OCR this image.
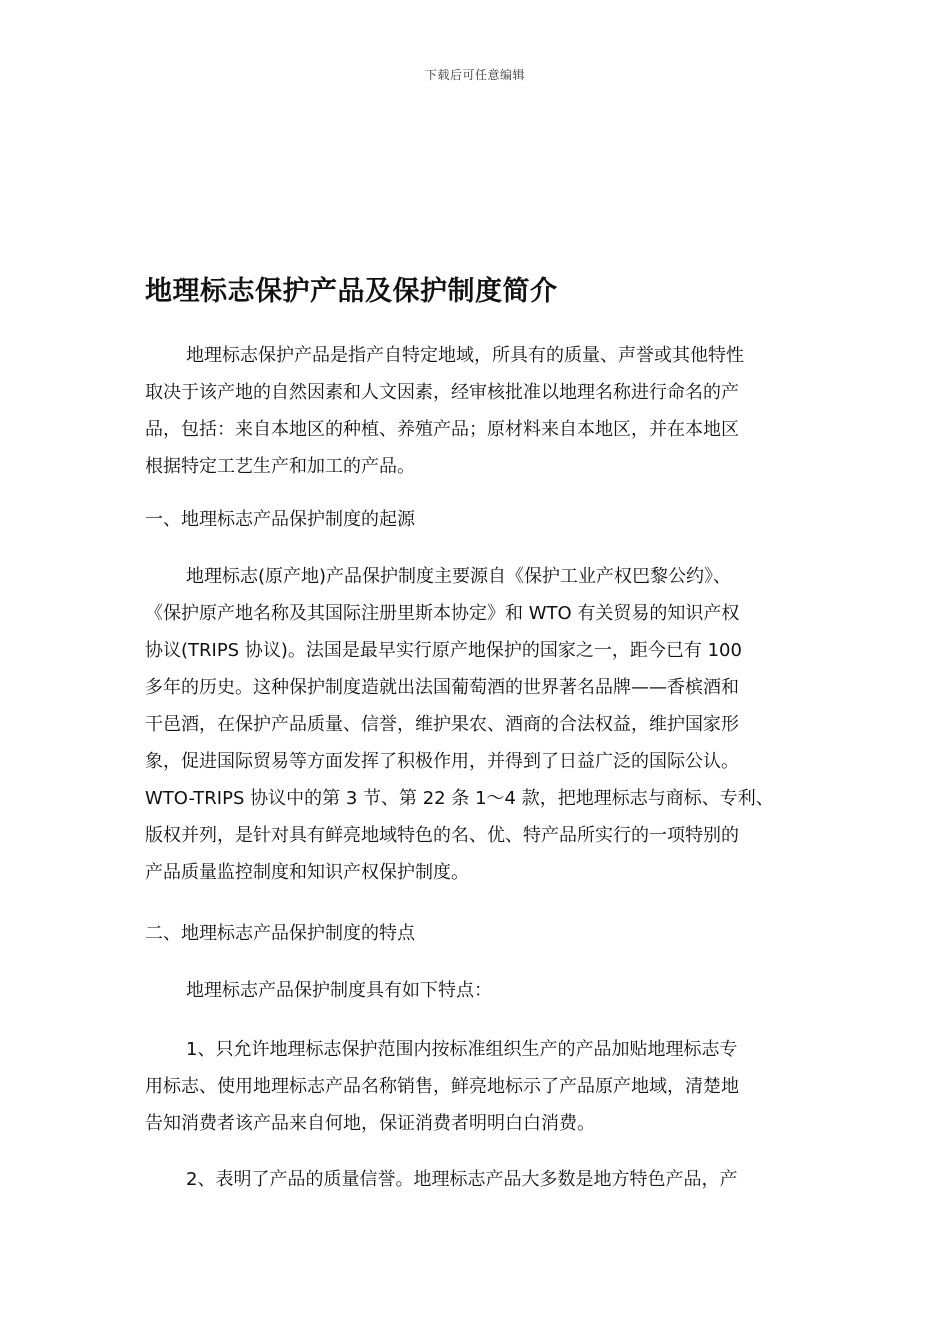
下载后可任意编辑
地理标志保护产品及保护制度简介
地理标志保护产品是指产自特定地域，所具有的质量、声誉或其他特性
取决于该产地的自然因素和人文因素，经审核批准以地理名称进行命名的产
品，包括：来自本地区的种植、养殖产品；原材料来自本地区，并在本地区
根据特定工艺生产和加工的产品。
一、地理标志产品保护制度的起源
地理标志(原产地)产品保护制度主要源自《保护工业产权巴黎公约》、
《保护原产地名称及其国际注册里斯本协定》和 WTO 有关贸易的知识产权
协议(TRIPS 协议)。法国是最早实行原产地保护的国家之一，距今已有 100
多年的历史。这种保护制度造就出法国葡萄酒的世界著名品牌——香槟酒和
干邑酒，在保护产品质量、信誉，维护果农、酒商的合法权益，维护国家形
象，促进国际贸易等方面发挥了积极作用，并得到了日益广泛的国际公认。
WTO-TRIPS 协议中的第 3 节、第 22 条 1～4 款，把地理标志与商标、专利、
版权并列，是针对具有鲜亮地域特色的名、优、特产品所实行的一项特别的
产品质量监控制度和知识产权保护制度。
二、地理标志产品保护制度的特点
地理标志产品保护制度具有如下特点：
1、只允许地理标志保护范围内按标准组织生产的产品加贴地理标志专
用标志、使用地理标志产品名称销售，鲜亮地标示了产品原产地域，清楚地
告知消费者该产品来自何地，保证消费者明明白白消费。
2、表明了产品的质量信誉。地理标志产品大多数是地方特色产品，产
